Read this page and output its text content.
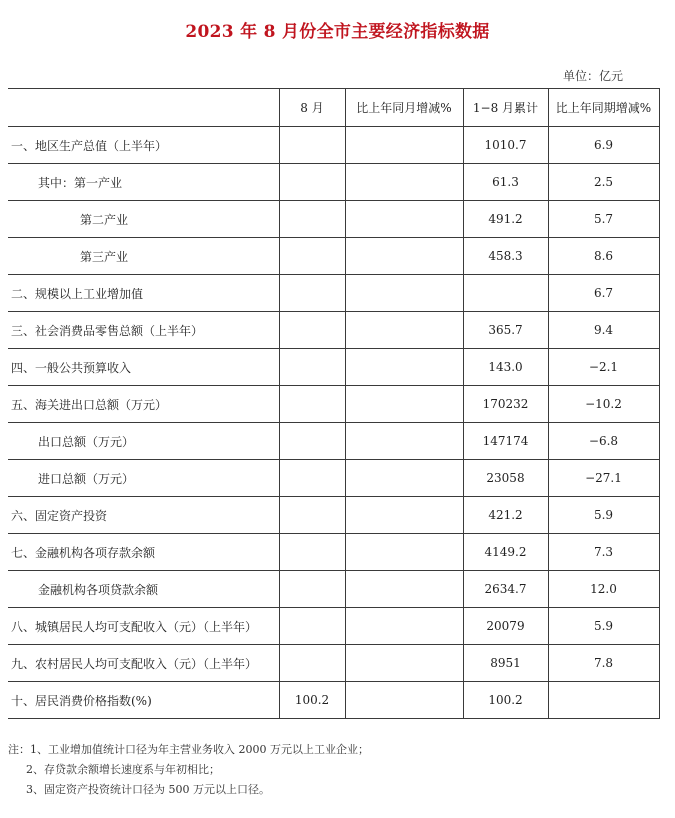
2023 年 8 月份全市主要经济指标数据
单位：亿元
	8 月	比上年同月增减%	1−8 月累计	比上年同期增减%
一、地区生产总值（上半年）			1010.7	6.9
其中：第一产业			61.3	2.5
第二产业			491.2	5.7
第三产业			458.3	8.6
二、规模以上工业增加值				6.7
三、社会消费品零售总额（上半年）			365.7	9.4
四、一般公共预算收入			143.0	−2.1
五、海关进出口总额（万元）			170232	−10.2
出口总额（万元）			147174	−6.8
进口总额（万元）			23058	−27.1
六、固定资产投资			421.2	5.9
七、金融机构各项存款余额			4149.2	7.3
金融机构各项贷款余额			2634.7	12.0
八、城镇居民人均可支配收入（元）（上半年）			20079	5.9
九、农村居民人均可支配收入（元）（上半年）			8951	7.8
十、居民消费价格指数(%)	100.2		100.2	
注：1、工业增加值统计口径为年主营业务收入 2000 万元以上工业企业；
2、存贷款余额增长速度系与年初相比；
3、固定资产投资统计口径为 500 万元以上口径。
